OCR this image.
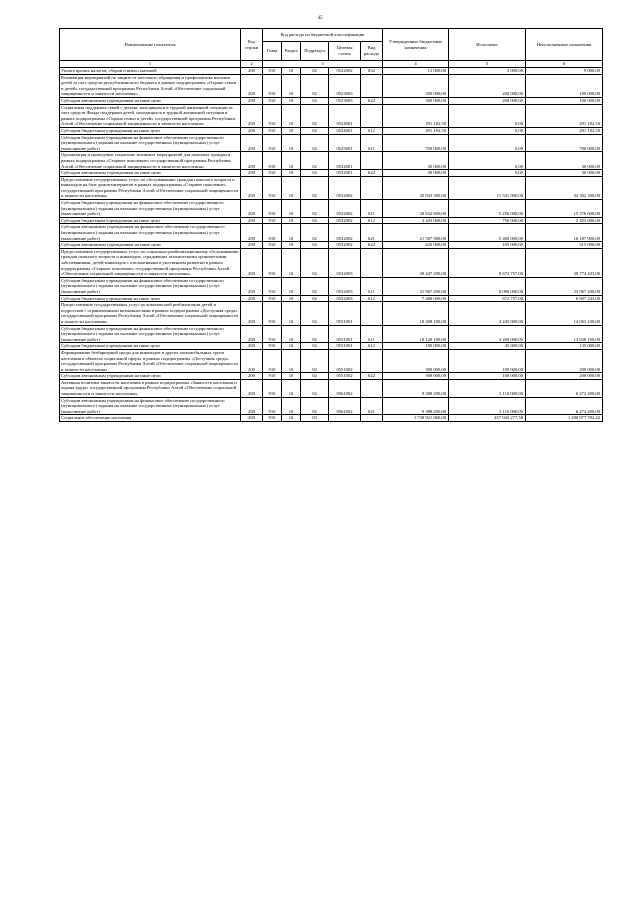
45
Наименование показателя	Код строки	Код расхода по бюджетной классификации					Утвержденные бюджетные назначения	Исполнено	Неисполненные назначения
		Глава	Раздел	Подраздел	Целевая статья	Вид расхода			
1	2	3					4	5	6
Уплата прочих налогов, сборов и иных платежей	200	910	10	02	0522002	852	12 000,00	3 000,00	9 000,00
Реализация мероприятий по защите от жестокого обращения и профилактике насилия детей за счет средств республиканского бюджета в рамках подпрограммы «Охрана семьи и детей» государственной программы Республики Алтай «Обеспечение социальной защищенности и занятости населения»	200	910	10	02	0523003		300 000,00	200 000,00	100 000,00
Субсидии автономным учреждениям на иные цели	200	910	10	02	0523003	622	300 000,00	200 000,00	100 000,00
Социальная поддержка семей с детьми, находящихся в трудной жизненной ситуации за счет средств Фонда поддержки детей, находящихся в трудной жизненной ситуации в рамках подпрограммы «Охрана семьи и детей» государственной программы Республики Алтай «Обеспечение социальной защищенности и занятости населения»	200	910	10	02	0524001		291 182,50	0,00	291 182,50
Субсидии бюджетным учреждениям на иные цели	200	910	10	02	0524001	612	291 182,50	0,00	291 182,50
Субсидии бюджетным учреждениям на финансовое обеспечение государственного (муниципального) задания на оказание государственных (муниципальных) услуг (выполнение работ)	200	910	10	02	0525001	611	700 000,00	0,00	700 000,00
Организация и проведение социально значимых мероприятий для пожилых граждан в рамках подпрограммы «Старшее поколение» государственной программы Республики Алтай «Обеспечение социальной защищенности и занятости населения»	200	910	10	02	0532001		30 000,00	0,00	30 000,00
Субсидии автономным учреждениям на иные цели	200	910	10	02	0532001	622	30 000,00	0,00	30 000,00
Предоставление государственных услуг по обслуживанию граждан пожилого возраста и инвалидов на базе домов-интернатов в рамках подпрограммы «Старшее поколение» государственной программы Республики Алтай «Обеспечение социальной защищенности и занятости населения»	200	910	10	02	0532002		45 843 300,00	11 541 000,00	34 302 300,00
Субсидии бюджетным учреждениям на финансовое обеспечение государственного (муниципального) задания на оказание государственных (муниципальных) услуг (выполнение работ)	200	910	10	02	0532002	611	20 632 600,00	5 256 000,00	15 376 600,00
Субсидии бюджетным учреждениям на иные цели	200	910	10	02	0532002	612	3 203 000,00	750 000,00	2 453 000,00
Субсидии автономным учреждениям на финансовое обеспечение государственного (муниципального) задания на оказание государственных (муниципальных) услуг (выполнение работ)	200	910	10	02	0532002	621	21 587 900,00	5 400 000,00	16 187 900,00
Субсидии автономным учреждениям на иные цели	200	910	10	02	0532002	622	420 000,00	105 000,00	315 000,00
Предоставление государственных услуг по социально-реабилитационному обслуживанию граждан пожилого возраста и инвалидов, страдающих психическими хроническими заболеваниями, детей-инвалидов с отклонениями в умственном развитии в рамках подпрограммы «Старшее поколение» государственной программы Республики Алтай «Обеспечение социальной защищенности и занятости населения»	200	910	10	02	0532003		39 447 200,00	8 672 757,00	30 774 443,00
Субсидии бюджетным учреждениям на финансовое обеспечение государственного (муниципального) задания на оказание государственных (муниципальных) услуг (выполнение работ)	200	910	10	02	0532003	611	31 967 200,00	8 000 000,00	23 967 200,00
Субсидии бюджетным учреждениям на иные цели	200	910	10	02	0532003	612	7 480 000,00	672 757,00	6 807 243,00
Предоставление государственных услуг по комплексной реабилитации детей и подростков с ограниченными возможностями в рамках подпрограммы «Доступная среда» государственной программы Республики Алтай «Обеспечение социальной защищенности и занятости населения»	200	910	10	02	0551001		18 308 100,00	4 245 000,00	14 063 100,00
Субсидии бюджетным учреждениям на финансовое обеспечение государственного (муниципального) задания на оказание государственных (муниципальных) услуг (выполнение работ)	200	910	10	02	0551001	611	18 128 100,00	4 200 000,00	13 928 100,00
Субсидии бюджетным учреждениям на иные цели	200	910	10	02	0551001	612	180 000,00	45 000,00	135 000,00
Формирование безбарьерной среды для инвалидов и других маломобильных групп населения в объектах социальной сферы, в рамках подпрограммы «Доступная среда» государственной программы Республики Алтай «Обеспечение социальной защищенности и занятости населения»	200	910	10	02	0551002		300 000,00	100 000,00	200 000,00
Субсидии автономным учреждениям на иные цели	200	910	10	02	0551002	622	300 000,00	100 000,00	200 000,00
Активная политика занятости населения в рамках подпрограммы «Занятость населения и охрана труда» государственной программы Республики Алтай «Обеспечение социальной защищенности и занятости населения»	200	910	10	02	0561002		9 388 200,00	3 116 000,00	6 272 200,00
Субсидии автономным учреждениям на финансовое обеспечение государственного (муниципального) задания на оказание государственных (муниципальных) услуг (выполнение работ)	200	910	10	02	0561002	621	9 388 200,00	3 116 000,00	6 272 200,00
Социальное обеспечение населения	200	910	10	03			1 738 921 060,00	457 943 277,58	1 280 977 782,42
